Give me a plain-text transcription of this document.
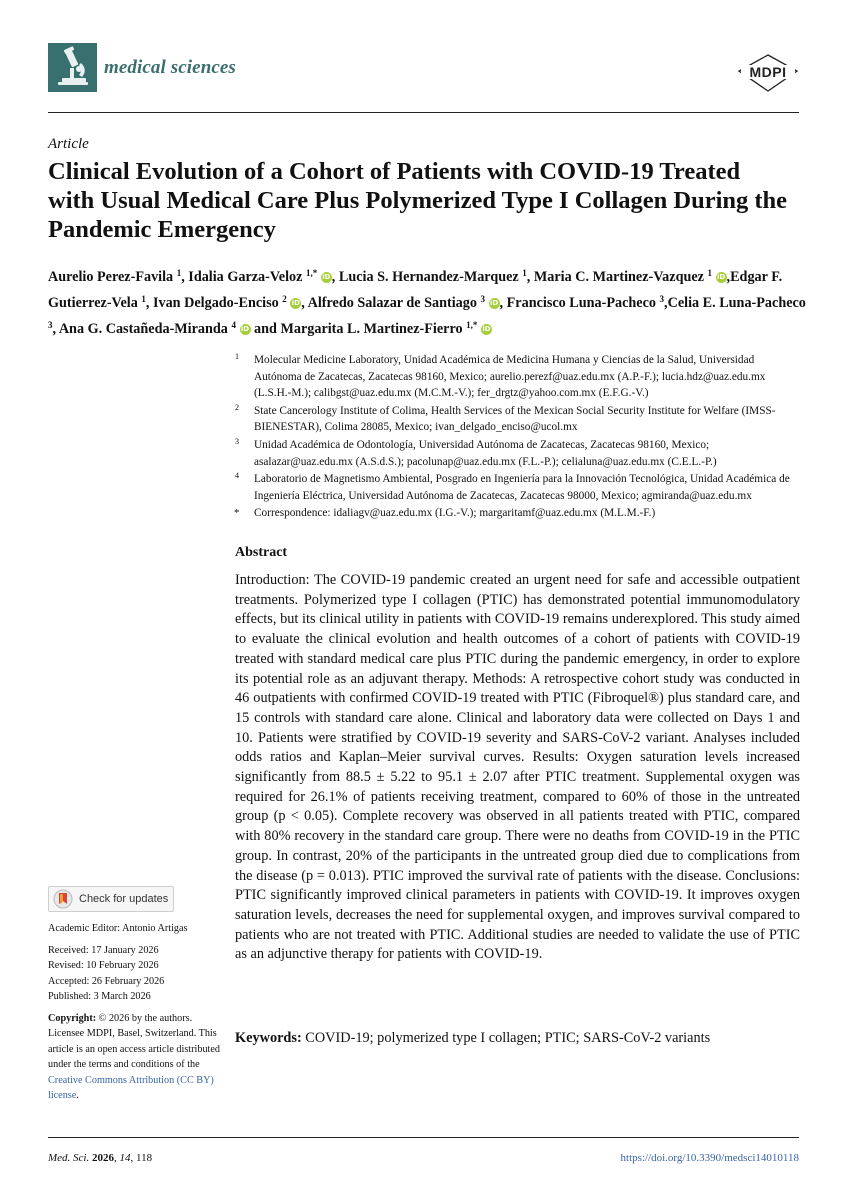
medical sciences	MDPI
Article
Clinical Evolution of a Cohort of Patients with COVID-19 Treated with Usual Medical Care Plus Polymerized Type I Collagen During the Pandemic Emergency
Aurelio Perez-Favila $^1$, Idalia Garza-Veloz $^{1,*}$ iD, Lucia S. Hernandez-Marquez $^1$, Maria C. Martinez-Vazquez $^1$ iD,Edgar F. Gutierrez-Vela $^1$, Ivan Delgado-Enciso $^2$ iD, Alfredo Salazar de Santiago $^3$ iD, Francisco Luna-Pacheco $^3$,Celia E. Luna-Pacheco $^3$, Ana G. Castañeda-Miranda $^4$ iD and Margarita L. Martinez-Fierro $^{1,*}$ iD
1 Molecular Medicine Laboratory, Unidad Académica de Medicina Humana y Ciencias de la Salud, Universidad Autónoma de Zacatecas, Zacatecas 98160, Mexico; aurelio.perezf@uaz.edu.mx (A.P.-F.); lucia.hdz@uaz.edu.mx (L.S.H.-M.); calibgst@uaz.edu.mx (M.C.M.-V.); fer_drgtz@yahoo.com.mx (E.F.G.-V.)
2 State Cancerology Institute of Colima, Health Services of the Mexican Social Security Institute for Welfare (IMSS-BIENESTAR), Colima 28085, Mexico; ivan_delgado_enciso@ucol.mx
3 Unidad Académica de Odontología, Universidad Autónoma de Zacatecas, Zacatecas 98160, Mexico; asalazar@uaz.edu.mx (A.S.d.S.); pacolunap@uaz.edu.mx (F.L.-P.); celialuna@uaz.edu.mx (C.E.L.-P.)
4 Laboratorio de Magnetismo Ambiental, Posgrado en Ingeniería para la Innovación Tecnológica, Unidad Académica de Ingeniería Eléctrica, Universidad Autónoma de Zacatecas, Zacatecas 98000, Mexico; agmiranda@uaz.edu.mx
* Correspondence: idaliagv@uaz.edu.mx (I.G.-V.); margaritamf@uaz.edu.mx (M.L.M.-F.)
Abstract

Introduction: The COVID-19 pandemic created an urgent need for safe and accessible outpatient treatments. Polymerized type I collagen (PTIC) has demonstrated potential immunomodulatory effects, but its clinical utility in patients with COVID-19 remains underexplored. This study aimed to evaluate the clinical evolution and health outcomes of a cohort of patients with COVID-19 treated with standard medical care plus PTIC during the pandemic emergency, in order to explore its potential role as an adjuvant therapy. Methods: A retrospective cohort study was conducted in 46 outpatients with confirmed COVID-19 treated with PTIC (Fibroquel®) plus standard care, and 15 controls with standard care alone. Clinical and laboratory data were collected on Days 1 and 10. Patients were stratified by COVID-19 severity and SARS-CoV-2 variant. Analyses included odds ratios and Kaplan–Meier survival curves. Results: Oxygen saturation levels increased significantly from 88.5 ± 5.22 to 95.1 ± 2.07 after PTIC treatment. Supplemental oxygen was required for 26.1% of patients receiving treatment, compared to 60% of those in the untreated group (p < 0.05). Complete recovery was observed in all patients treated with PTIC, compared with 80% recovery in the standard care group. There were no deaths from COVID-19 in the PTIC group. In contrast, 20% of the participants in the untreated group died due to complications from the disease (p = 0.013). PTIC improved the survival rate of patients with the disease. Conclusions: PTIC significantly improved clinical parameters in patients with COVID-19. It improves oxygen saturation levels, decreases the need for supplemental oxygen, and improves survival compared to patients who are not treated with PTIC. Additional studies are needed to validate the use of PTIC as an adjunctive therapy for patients with COVID-19.

Keywords: COVID-19; polymerized type I collagen; PTIC; SARS-CoV-2 variants
Check for updates
Academic Editor: Antonio Artigas
Received: 17 January 2026
Revised: 10 February 2026
Accepted: 26 February 2026
Published: 3 March 2026
Copyright: © 2026 by the authors. Licensee MDPI, Basel, Switzerland. This article is an open access article distributed under the terms and conditions of the Creative Commons Attribution (CC BY) license.
Med. Sci. 2026, 14, 118	https://doi.org/10.3390/medsci14010118
